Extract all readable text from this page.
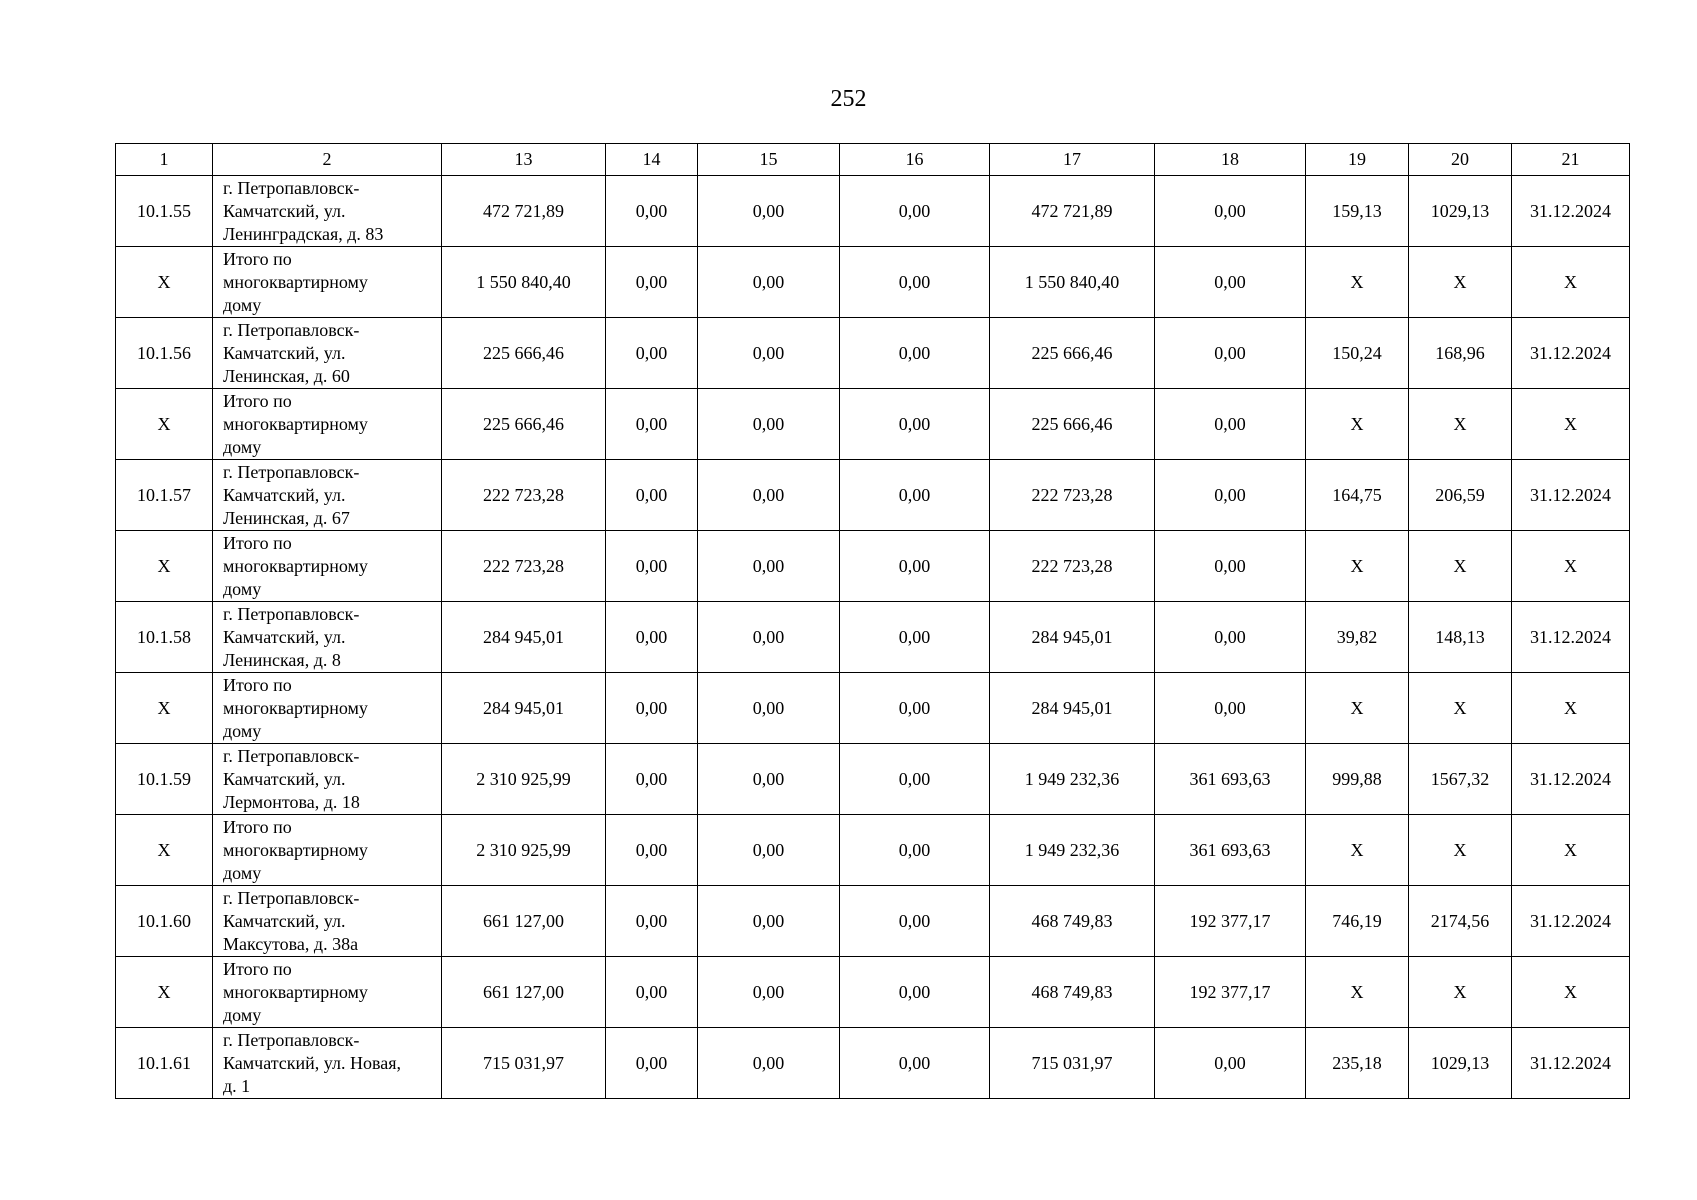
252
1	2	13	14	15	16	17	18	19	20	21
10.1.55	г. Петропавловск-
Камчатский, ул.
Ленинградская, д. 83	472 721,89	0,00	0,00	0,00	472 721,89	0,00	159,13	1029,13	31.12.2024
X	Итого по
многоквартирному
дому	1 550 840,40	0,00	0,00	0,00	1 550 840,40	0,00	X	X	X
10.1.56	г. Петропавловск-
Камчатский, ул.
Ленинская, д. 60	225 666,46	0,00	0,00	0,00	225 666,46	0,00	150,24	168,96	31.12.2024
X	Итого по
многоквартирному
дому	225 666,46	0,00	0,00	0,00	225 666,46	0,00	X	X	X
10.1.57	г. Петропавловск-
Камчатский, ул.
Ленинская, д. 67	222 723,28	0,00	0,00	0,00	222 723,28	0,00	164,75	206,59	31.12.2024
X	Итого по
многоквартирному
дому	222 723,28	0,00	0,00	0,00	222 723,28	0,00	X	X	X
10.1.58	г. Петропавловск-
Камчатский, ул.
Ленинская, д. 8	284 945,01	0,00	0,00	0,00	284 945,01	0,00	39,82	148,13	31.12.2024
X	Итого по
многоквартирному
дому	284 945,01	0,00	0,00	0,00	284 945,01	0,00	X	X	X
10.1.59	г. Петропавловск-
Камчатский, ул.
Лермонтова, д. 18	2 310 925,99	0,00	0,00	0,00	1 949 232,36	361 693,63	999,88	1567,32	31.12.2024
X	Итого по
многоквартирному
дому	2 310 925,99	0,00	0,00	0,00	1 949 232,36	361 693,63	X	X	X
10.1.60	г. Петропавловск-
Камчатский, ул.
Максутова, д. 38а	661 127,00	0,00	0,00	0,00	468 749,83	192 377,17	746,19	2174,56	31.12.2024
X	Итого по
многоквартирному
дому	661 127,00	0,00	0,00	0,00	468 749,83	192 377,17	X	X	X
10.1.61	г. Петропавловск-
Камчатский, ул. Новая,
д. 1	715 031,97	0,00	0,00	0,00	715 031,97	0,00	235,18	1029,13	31.12.2024
